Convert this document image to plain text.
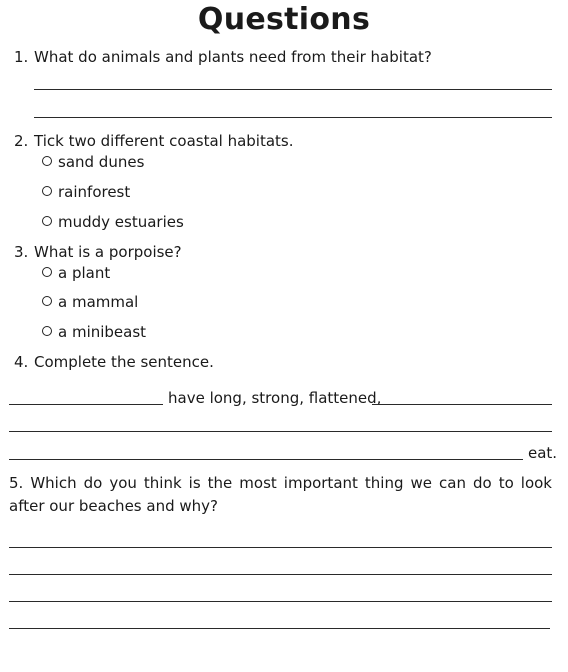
Questions
1. What do animals and plants need from their habitat?
2. Tick two different coastal habitats.
sand dunes
rainforest
muddy estuaries
3. What is a porpoise?
a plant
a mammal
a minibeast
4. Complete the sentence.
have long, strong, flattened,
eat.
5. Which do you think is the most important thing we can do to look after our beaches and why?
